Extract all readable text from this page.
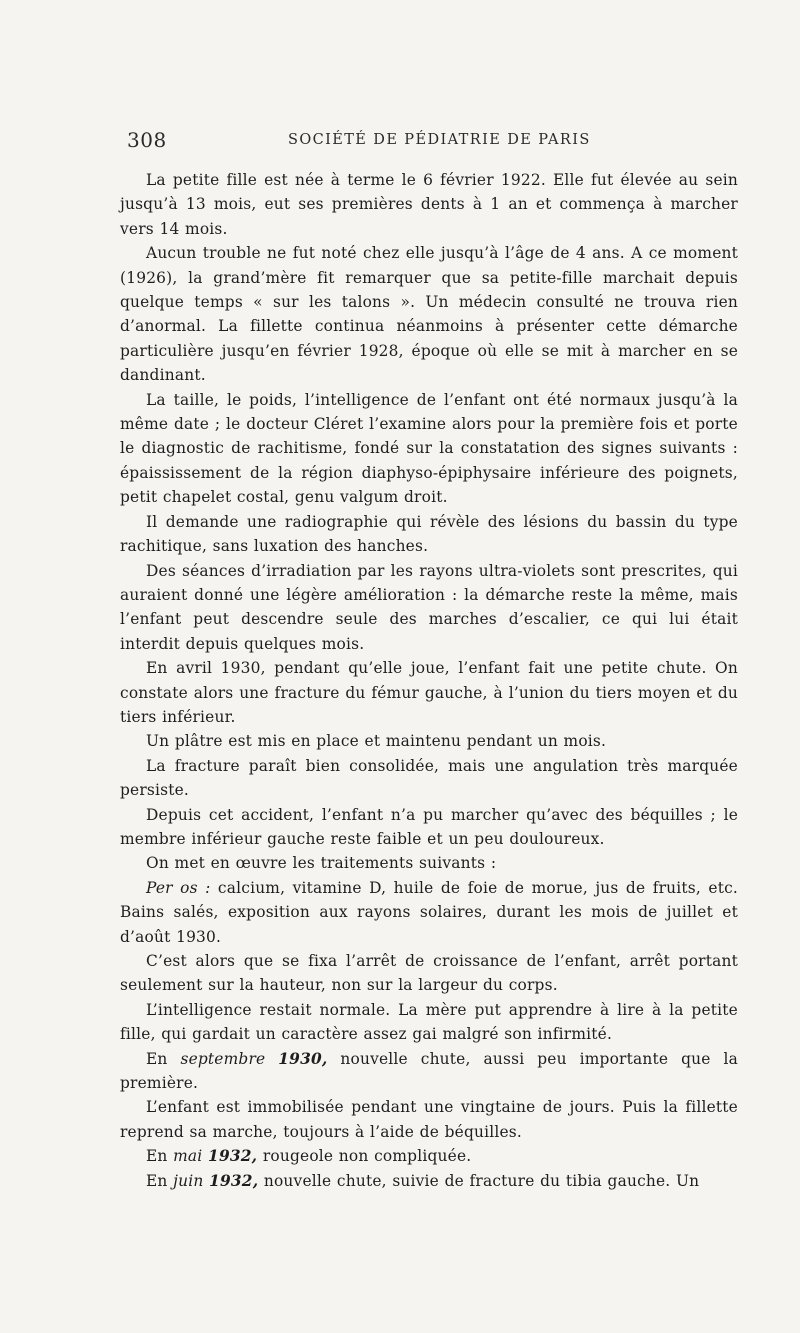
308	SOCIÉTÉ DE PÉDIATRIE DE PARIS

La petite fille est née à terme le 6 février 1922. Elle fut élevée au sein jusqu’à 13 mois, eut ses premières dents à 1 an et commença à marcher vers 14 mois.

Aucun trouble ne fut noté chez elle jusqu’à l’âge de 4 ans. A ce moment (1926), la grand’mère fit remarquer que sa petite-fille marchait depuis quelque temps « sur les talons ». Un médecin consulté ne trouva rien d’anormal. La fillette continua néanmoins à présenter cette démarche particulière jusqu’en février 1928, époque où elle se mit à marcher en se dandinant.

La taille, le poids, l’intelligence de l’enfant ont été normaux jusqu’à la même date ; le docteur Cléret l’examine alors pour la première fois et porte le diagnostic de rachitisme, fondé sur la constatation des signes suivants : épaississement de la région diaphyso-épiphysaire inférieure des poignets, petit chapelet costal, genu valgum droit.

Il demande une radiographie qui révèle des lésions du bassin du type rachitique, sans luxation des hanches.

Des séances d’irradiation par les rayons ultra-violets sont prescrites, qui auraient donné une légère amélioration : la démarche reste la même, mais l’enfant peut descendre seule des marches d’escalier, ce qui lui était interdit depuis quelques mois.

En avril 1930, pendant qu’elle joue, l’enfant fait une petite chute. On constate alors une fracture du fémur gauche, à l’union du tiers moyen et du tiers inférieur.

Un plâtre est mis en place et maintenu pendant un mois.

La fracture paraît bien consolidée, mais une angulation très marquée persiste.

Depuis cet accident, l’enfant n’a pu marcher qu’avec des béquilles ; le membre inférieur gauche reste faible et un peu douloureux.

On met en œuvre les traitements suivants :

Per os : calcium, vitamine D, huile de foie de morue, jus de fruits, etc. Bains salés, exposition aux rayons solaires, durant les mois de juillet et d’août 1930.

C’est alors que se fixa l’arrêt de croissance de l’enfant, arrêt portant seulement sur la hauteur, non sur la largeur du corps.

L’intelligence restait normale. La mère put apprendre à lire à la petite fille, qui gardait un caractère assez gai malgré son infirmité.

En septembre 1930, nouvelle chute, aussi peu importante que la première.

L’enfant est immobilisée pendant une vingtaine de jours. Puis la fillette reprend sa marche, toujours à l’aide de béquilles.

En mai 1932, rougeole non compliquée.

En juin 1932, nouvelle chute, suivie de fracture du tibia gauche. Un
